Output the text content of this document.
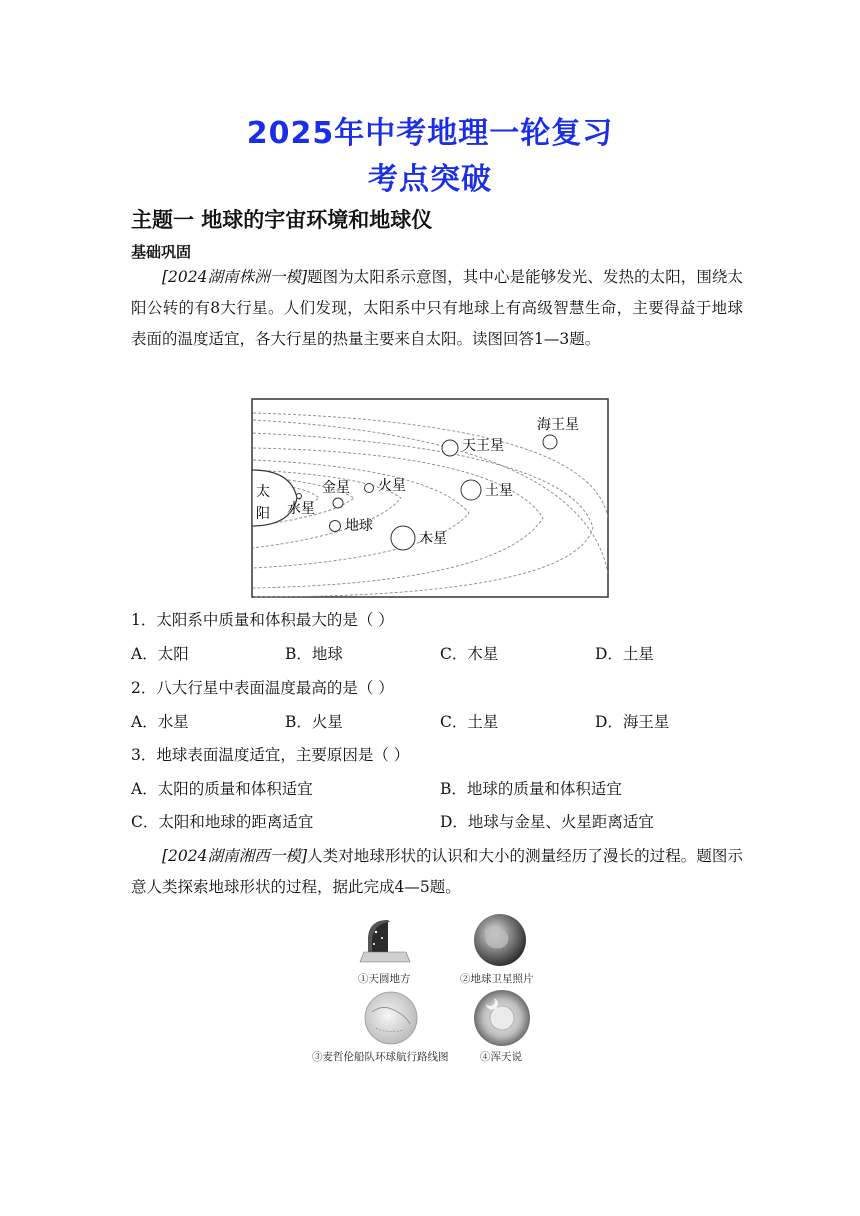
2025年中考地理一轮复习
考点突破
主题一 地球的宇宙环境和地球仪
基础巩固
[2024湖南株洲一模]题图为太阳系示意图，其中心是能够发光、发热的太阳，围绕太阳公转的有8大行星。人们发现，太阳系中只有地球上有高级智慧生命，主要得益于地球表面的温度适宜，各大行星的热量主要来自太阳。读图回答1—3题。
太
阳 水星
金星 火星
地球
木星
土星
天王星
海王星
1．太阳系中质量和体积最大的是（ ）
A．太阳	B．地球	C．木星	D．土星
2．八大行星中表面温度最高的是（ ）
A．水星	B．火星	C．土星	D．海王星
3．地球表面温度适宜，主要原因是（ ）
A．太阳的质量和体积适宜	B．地球的质量和体积适宜
C．太阳和地球的距离适宜	D．地球与金星、火星距离适宜
[2024湖南湘西一模]人类对地球形状的认识和大小的测量经历了漫长的过程。题图示意人类探索地球形状的过程，据此完成4—5题。
①天圆地方	②地球卫星照片
③麦哲伦船队环球航行路线图	④浑天说
